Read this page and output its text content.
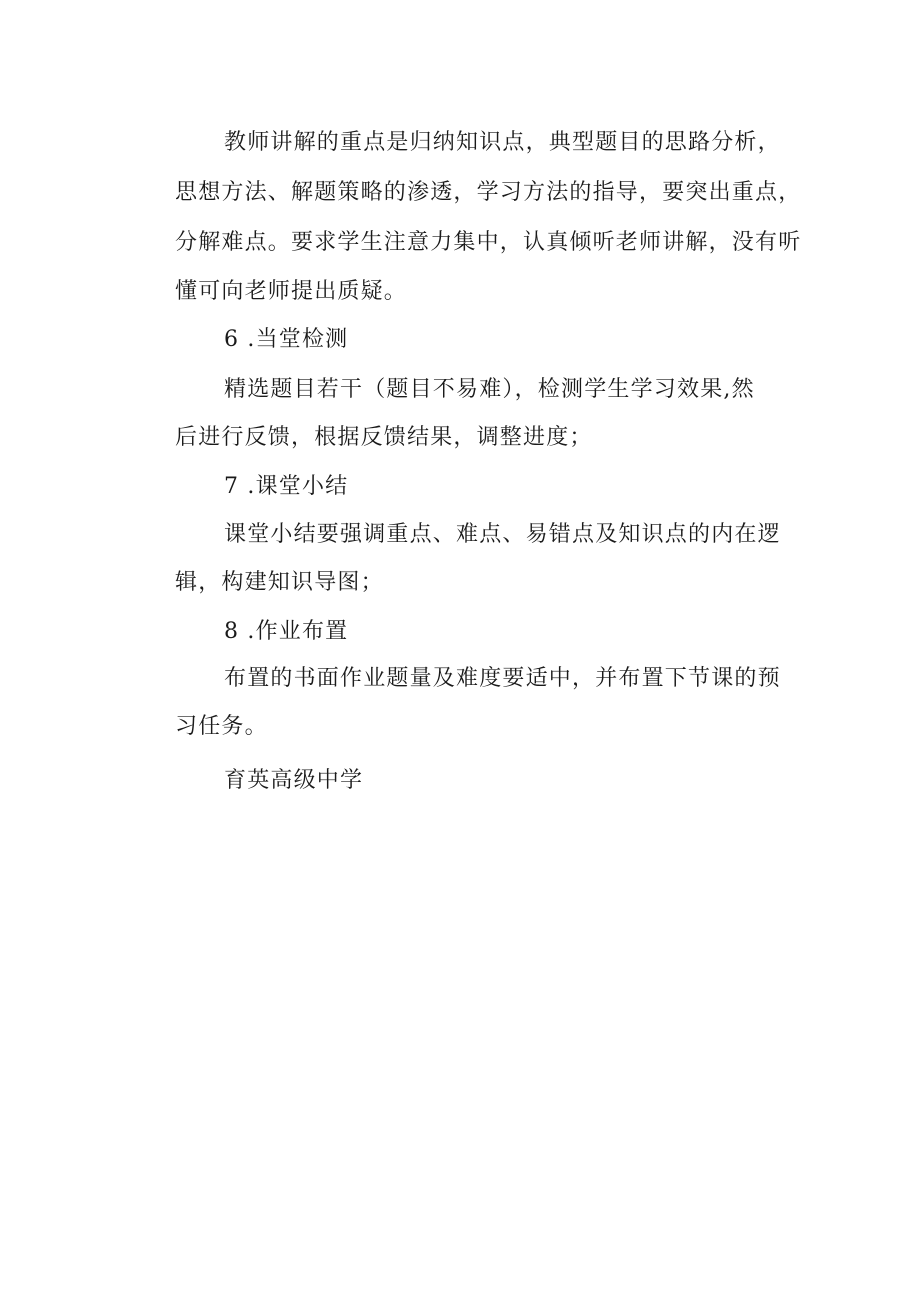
教师讲解的重点是归纳知识点，典型题目的思路分析，
思想方法、解题策略的渗透，学习方法的指导，要突出重点，
分解难点。要求学生注意力集中，认真倾听老师讲解，没有听
懂可向老师提出质疑。
6 .当堂检测
精选题目若干（题目不易难），检测学生学习效果,然
后进行反馈，根据反馈结果，调整进度；
7 .课堂小结
课堂小结要强调重点、难点、易错点及知识点的内在逻
辑，构建知识导图；
8 .作业布置
布置的书面作业题量及难度要适中，并布置下节课的预
习任务。
育英高级中学
